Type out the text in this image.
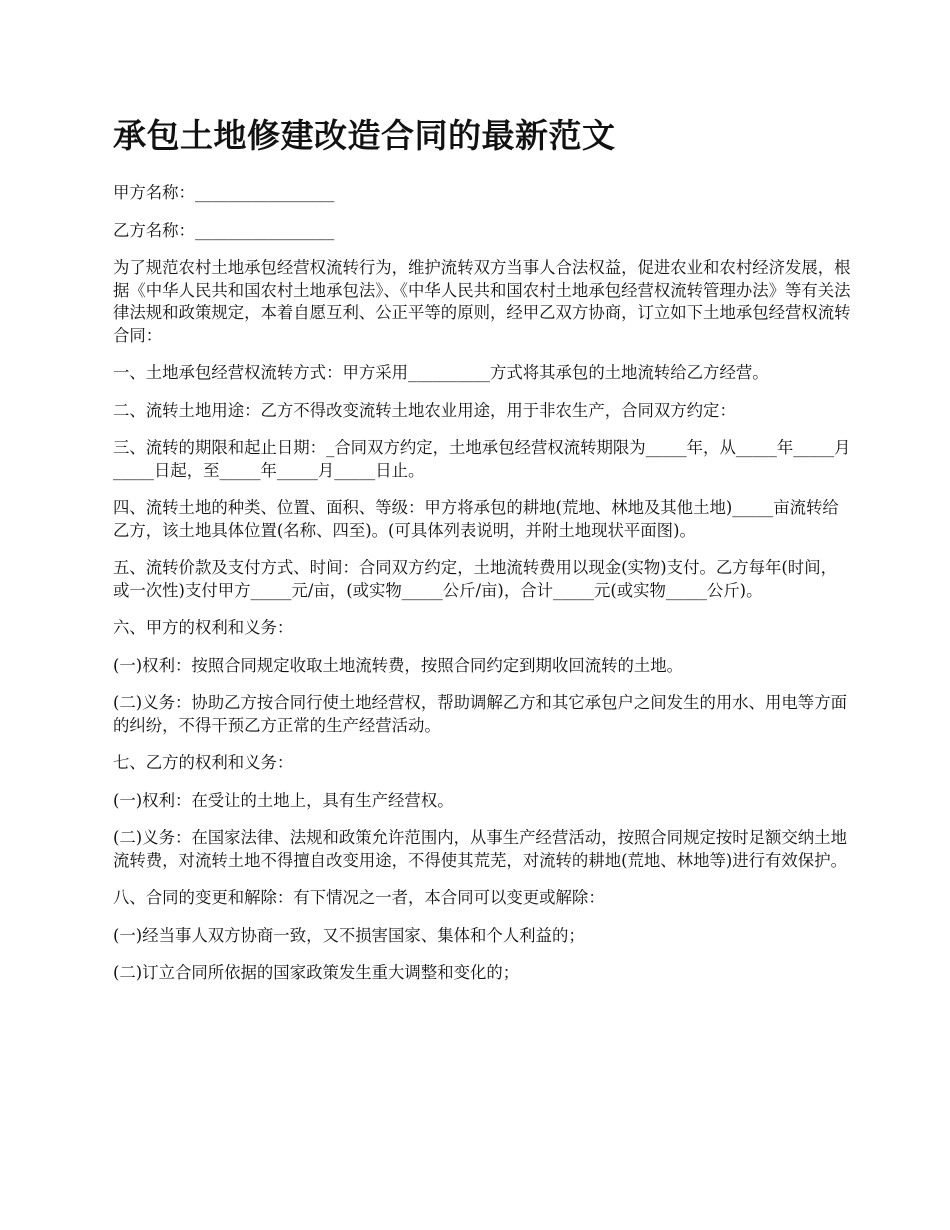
承包土地修建改造合同的最新范文

甲方名称：_________________

乙方名称：_________________

为了规范农村土地承包经营权流转行为，维护流转双方当事人合法权益，促进农业和农村经济发展，根据《中华人民共和国农村土地承包法》、《中华人民共和国农村土地承包经营权流转管理办法》等有关法律法规和政策规定，本着自愿互利、公正平等的原则，经甲乙双方协商，订立如下土地承包经营权流转合同：

一、土地承包经营权流转方式：甲方采用__________方式将其承包的土地流转给乙方经营。

二、流转土地用途：乙方不得改变流转土地农业用途，用于非农生产，合同双方约定：

三、流转的期限和起止日期：_合同双方约定，土地承包经营权流转期限为_____年，从_____年_____月_____日起，至_____年_____月_____日止。

四、流转土地的种类、位置、面积、等级：甲方将承包的耕地(荒地、林地及其他土地)_____亩流转给乙方，该土地具体位置(名称、四至)。(可具体列表说明，并附土地现状平面图)。

五、流转价款及支付方式、时间：合同双方约定，土地流转费用以现金(实物)支付。乙方每年(时间，或一次性)支付甲方_____元/亩，(或实物_____公斤/亩)，合计_____元(或实物_____公斤)。

六、甲方的权利和义务：

(一)权利：按照合同规定收取土地流转费，按照合同约定到期收回流转的土地。

(二)义务：协助乙方按合同行使土地经营权，帮助调解乙方和其它承包户之间发生的用水、用电等方面的纠纷，不得干预乙方正常的生产经营活动。

七、乙方的权利和义务：

(一)权利：在受让的土地上，具有生产经营权。

(二)义务：在国家法律、法规和政策允许范围内，从事生产经营活动，按照合同规定按时足额交纳土地流转费，对流转土地不得擅自改变用途，不得使其荒芜，对流转的耕地(荒地、林地等)进行有效保护。

八、合同的变更和解除：有下情况之一者，本合同可以变更或解除：

(一)经当事人双方协商一致，又不损害国家、集体和个人利益的；

(二)订立合同所依据的国家政策发生重大调整和变化的；
